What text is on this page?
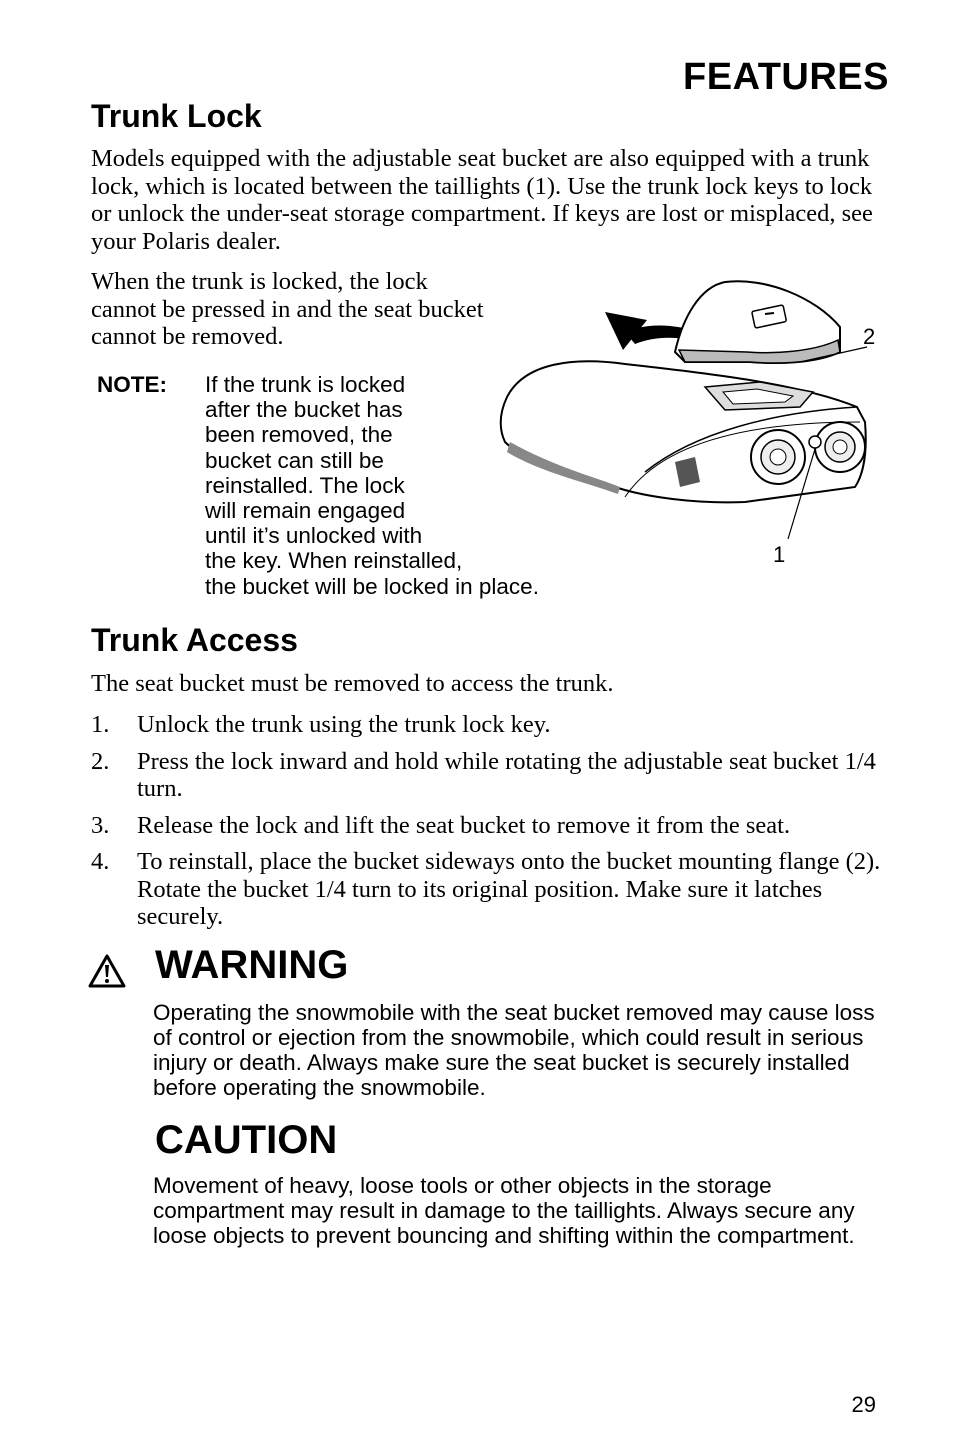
FEATURES
Trunk Lock
Models equipped with the adjustable seat bucket are also equipped with a trunk lock, which is located between the taillights (1). Use the trunk lock keys to lock or unlock the under-seat storage compartment. If keys are lost or misplaced, see your Polaris dealer.
When the trunk is locked, the lock cannot be pressed in and the seat bucket cannot be removed.
NOTE: If the trunk is locked
after the bucket has
been removed, the
bucket can still be
reinstalled. The lock
will remain engaged
until it’s unlocked with
the key. When reinstalled,
the bucket will be locked in place.
2
1
Trunk Access
The seat bucket must be removed to access the trunk.
1. Unlock the trunk using the trunk lock key.
2. Press the lock inward and hold while rotating the adjustable seat bucket 1/4 turn.
3. Release the lock and lift the seat bucket to remove it from the seat.
4. To reinstall, place the bucket sideways onto the bucket mounting flange (2). Rotate the bucket 1/4 turn to its original position. Make sure it latches securely.
WARNING
Operating the snowmobile with the seat bucket removed may cause loss of control or ejection from the snowmobile, which could result in serious injury or death. Always make sure the seat bucket is securely installed before operating the snowmobile.
CAUTION
Movement of heavy, loose tools or other objects in the storage compartment may result in damage to the taillights. Always secure any loose objects to prevent bouncing and shifting within the compartment.
29
